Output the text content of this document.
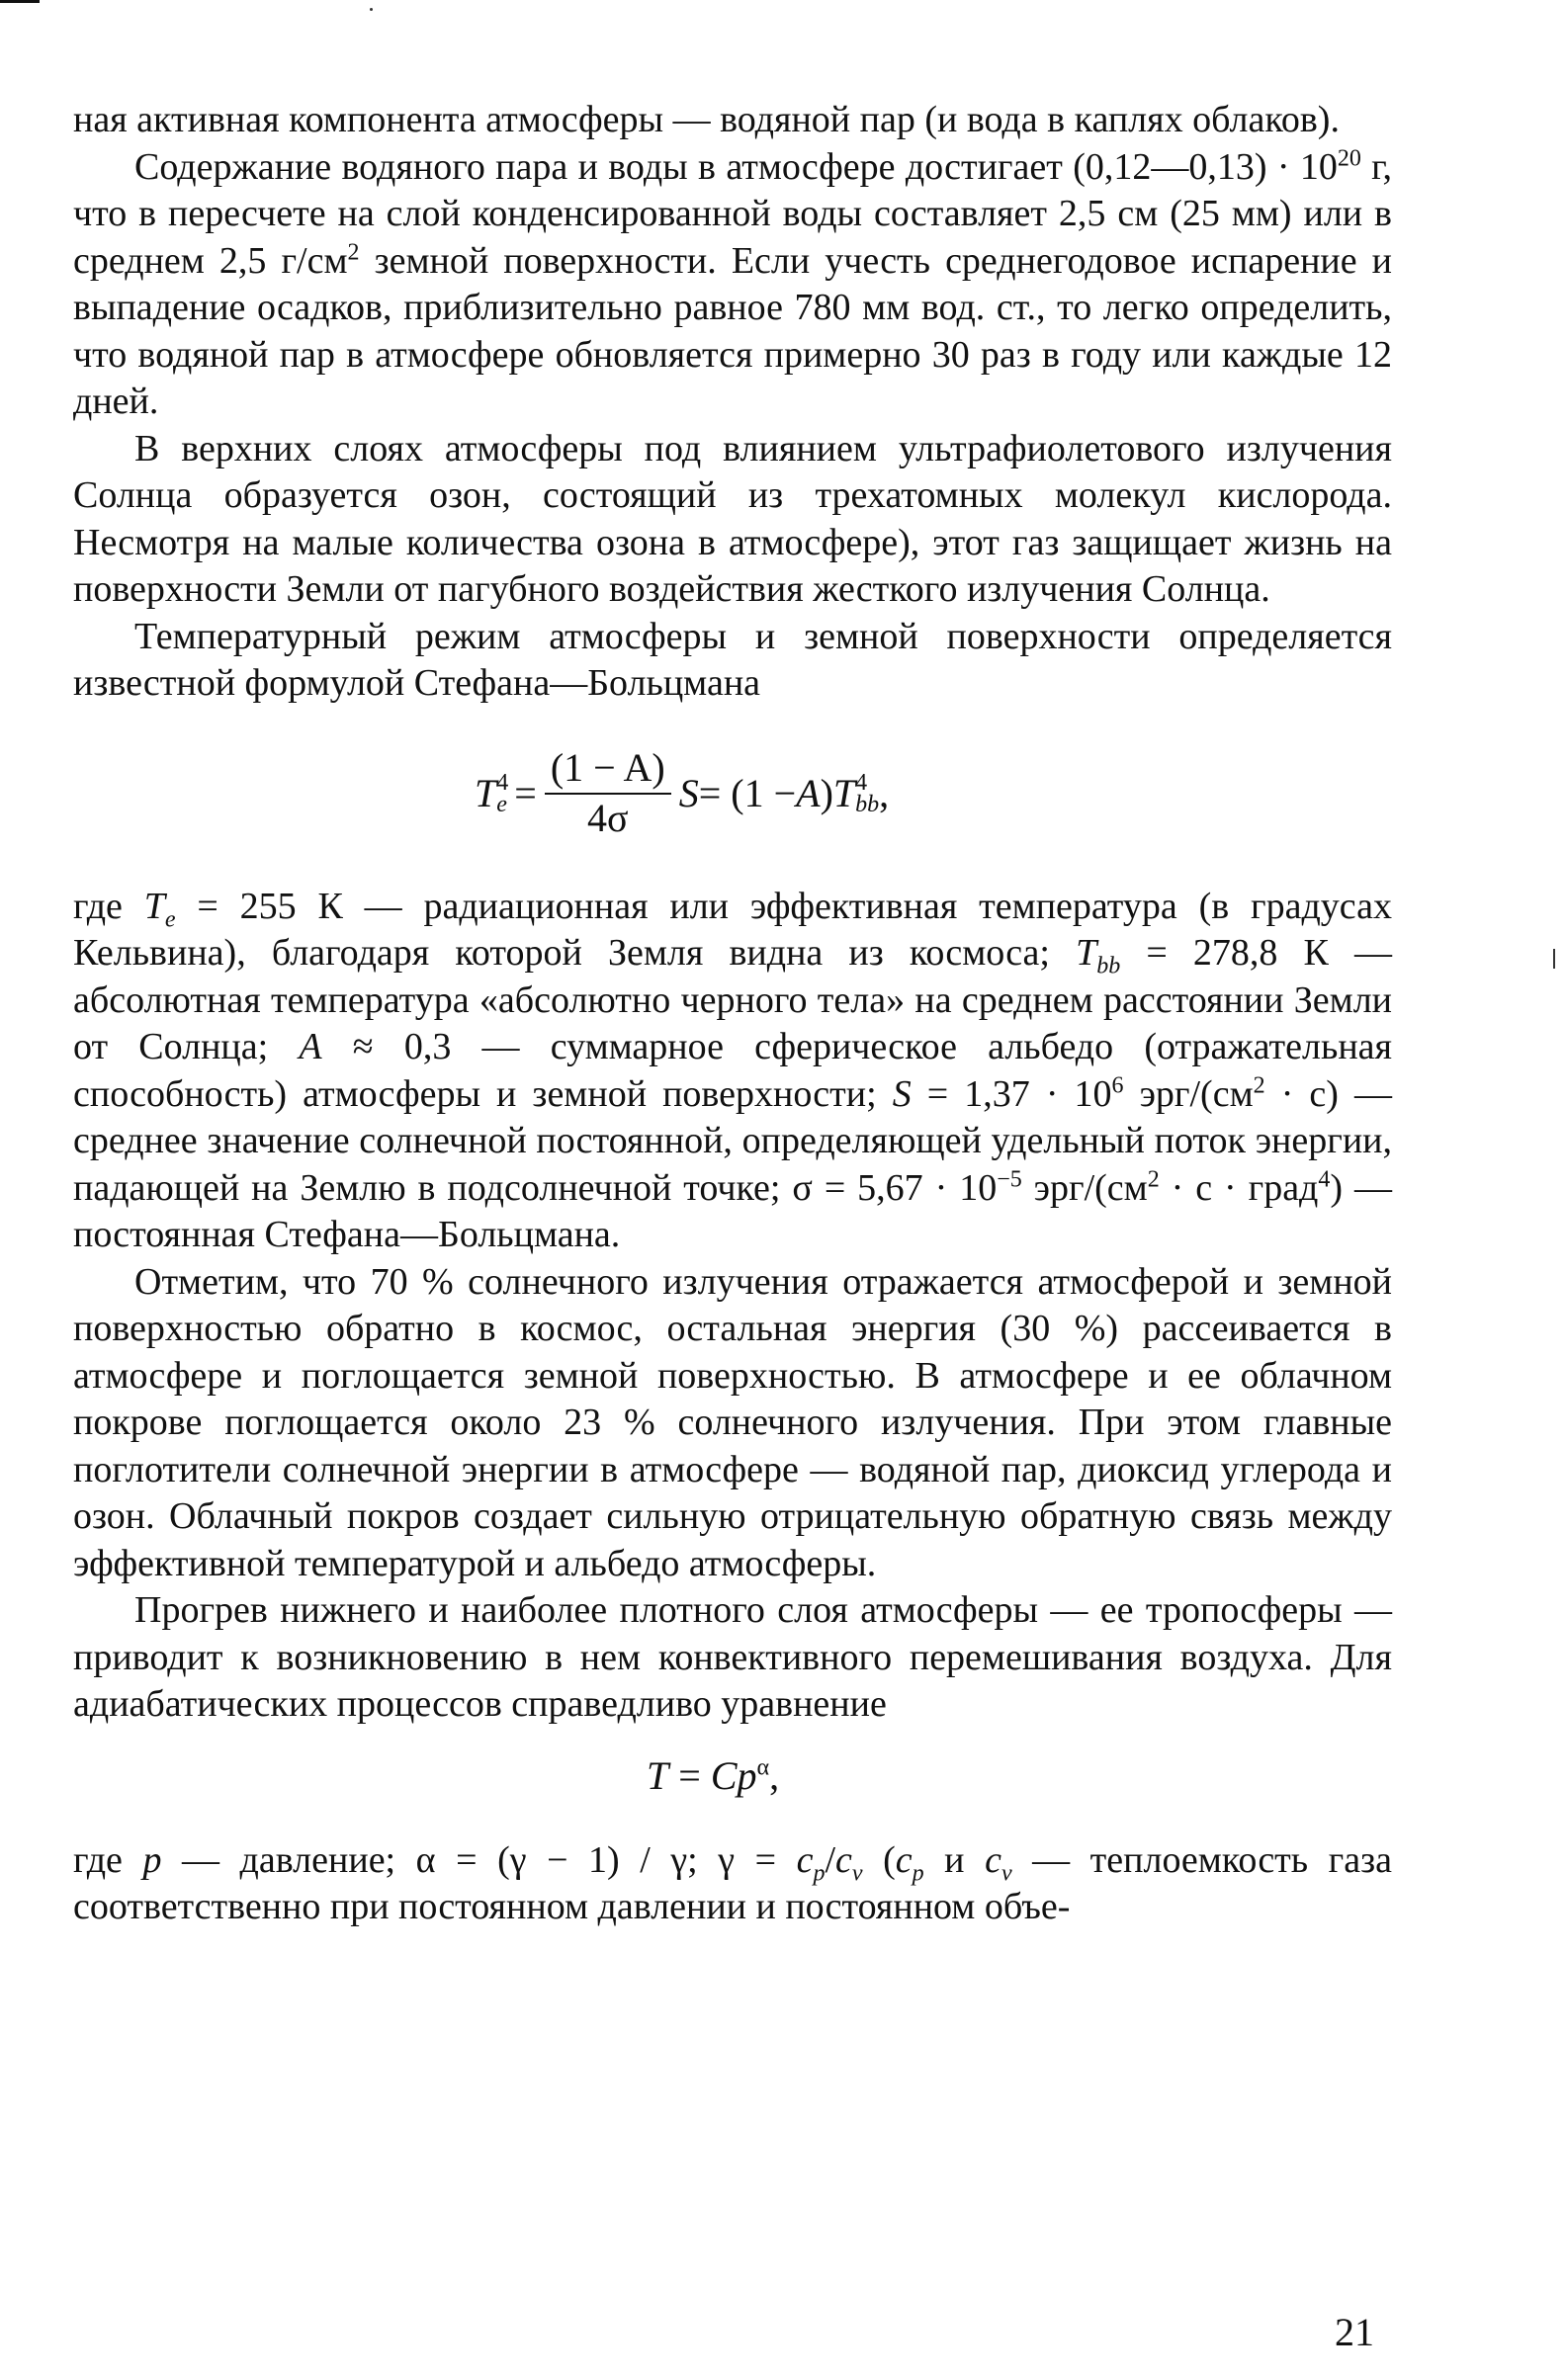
ная активная компонента атмосферы — водяной пар (и вода в каплях облаков).

Содержание водяного пара и воды в атмосфере достигает (0,12—0,13) · $10^{20}$ г, что в пересчете на слой конденсированной воды составляет 2,5 см (25 мм) или в среднем 2,5 $г/см^2$ земной поверхности. Если учесть среднегодовое испарение и выпадение осадков, приблизительно равное 780 мм вод. ст., то легко определить, что водяной пар в атмосфере обновляется примерно 30 раз в году или каждые 12 дней.

В верхних слоях атмосферы под влиянием ультрафиолетового излучения Солнца образуется озон, состоящий из трехатомных молекул кислорода. Несмотря на малые количества озона в атмосфере), этот газ защищает жизнь на поверхности Земли от пагубного воздействия жесткого излучения Солнца.

Температурный режим атмосферы и земной поверхности определяется известной формулой Стефана—Больцмана

T 4
$e = \frac{(1 - A)}{4\sigma}$ S = (1 − A ) T 4
bb ,

где $T_e = 255$ К — радиационная или эффективная температура (в градусах Кельвина), благодаря которой Земля видна из космоса; $T_{bb} = 278,8$ К — абсолютная температура «абсолютно черного тела» на среднем расстоянии Земли от Солнца; A ≈ 0,3 — суммарное сферическое альбедо (отражательная способность) атмосферы и земной поверхности; $S = 1,37 \cdot 10^6$ эрг/$(см^2 \cdot с)$ — среднее значение солнечной постоянной, определяющей удельный поток энергии, падающей на Землю в подсолнечной точке; $\sigma = 5,67 \cdot 10^{-5}$ эрг/($см^2 \cdot с$ · град$^4$) — постоянная Стефана—Больцмана.

Отметим, что 70 % солнечного излучения отражается атмосферой и земной поверхностью обратно в космос, остальная энергия (30 %) рассеивается в атмосфере и поглощается земной поверхностью. В атмосфере и ее облачном покрове поглощается около 23 % солнечного излучения. При этом главные поглотители солнечной энергии в атмосфере — водяной пар, диоксид углерода и озон. Облачный покров создает сильную отрицательную обратную связь между эффективной температурой и альбедо атмосферы.

Прогрев нижнего и наиболее плотного слоя атмосферы — ее тропосферы — приводит к возникновению в нем конвективного перемешивания воздуха. Для адиабатических процессов справедливо уравнение

$T = Cp^\alpha$,

где p — давление; α = (γ − 1) / γ; $\gamma = c_p/c_v$ ($c_p$ и $c_v$ — теплоемкость газа соответственно при постоянном давлении и постоянном объе-

21
